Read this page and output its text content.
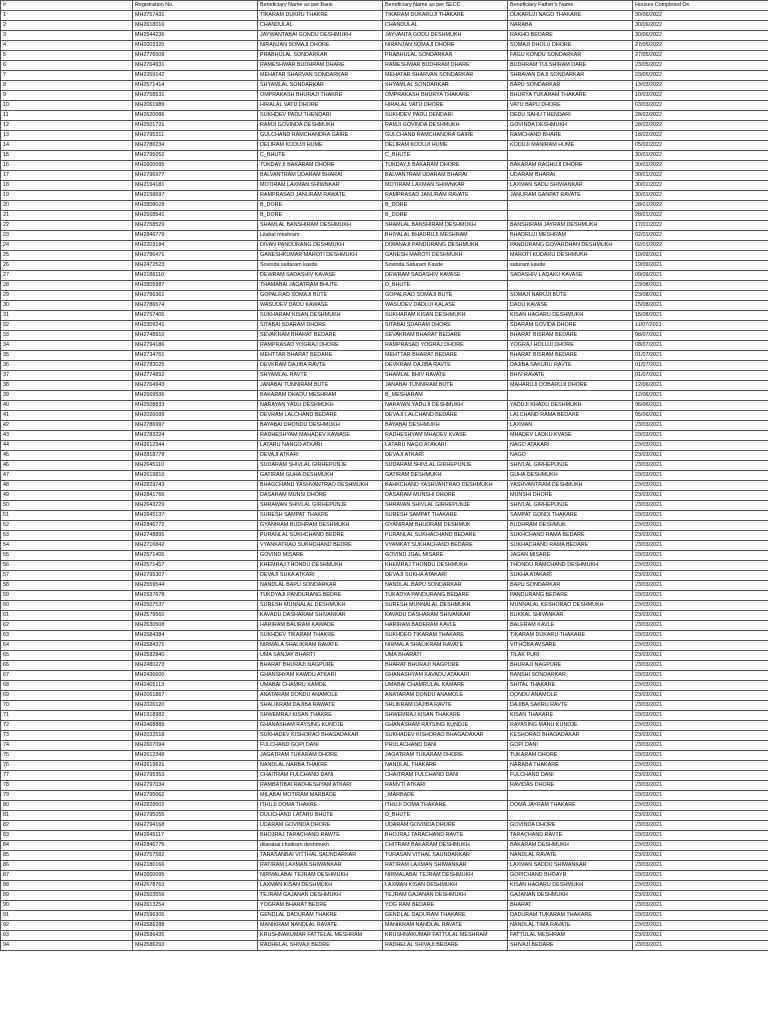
#	Registration No.	Beneficiary Name as per Bank	Beneficiary Name as per SECC	Beneficiary Father's Name	Houses Completed On
1	MH2757431	TIKARAM DUKRU THAKRE	TIKARAM DUKARUJI THAKARE	DUKARUJI NAGO THAKARE	30/06/2022
2	MH2618016	CHANDULAL	CHANDULAL	NARABA	30/06/2022
3	MH2544236	JAYWANTABAI GONDU DESHMUKH	JAYVANTA GODU DESHMUKH	RAKHO BEDARE	30/06/2022
4	MH2003320	NIRANJAN SOMAJI DHORE	NIRANJAN SOMAJI DHORE	SOMAJI DHOLU DHORE	27/05/2022
5	MH2776509	PRABHULAL SONDARKAR	PRABHULAL SONDARKAR	FAGU KONDU SONDARKAR	27/05/2022
6	MH2764931	RAMESHWAR BUDHRAM DHARE	RAMESHWAR BUDHRAM DHARE	BUDHRAM TULSHIRAM DARE	23/05/2022
7	MH2359142	MEHATAR SHARVAN SONDARKAR	MEHATAR SHARVAN SONDARKAR	SHRAVAN DAJI SONDARKAR	23/05/2022
8	MH2571414	SHYAMLAL SONDARKAR	SHYAMLAL SONDARKAR	BAPU SONDARKAR	13/03/2022
9	MH2758531	OMPRAKASH BHURAJI THAKRE	OMPRAKASH BHURYA THAKARE	BHURYA TUKARAM THAKARE	10/03/2022
10	MH2061989	HIRALAL VATU DHORE	HIRALAL VATU DHORE	VATU BAPU DHORE	03/03/2022
11	MH2620086	SUKHDEV PADU THENDARI	SUKHDEV PADU DENDARI	DEDU SAHU THENDARI	28/02/2022
12	MH2501721	RAMJI GOVINDA DESHMUKH	RAMJI GOVINDA DESHMUKH	GOVINDA DESHMUKH	28/02/2022
13	MH2795311	GULCHAND RAMCHANDRA GAIRE	GULCHAND RAMCHANDRA GAIRE	RAMCHAND BHARE	18/02/2022
14	MH2786234	DELIRAM KODUJI HUME	DELIRAM KODUJI HUME	KODUJI MANIRAM HUME	05/02/2022
15	MH2795052	C_BHUTE	C_BHUTE		30/01/2022
16	MH2600095	TUKDAYJI BAKARAM DHORE	TUKDAYJI BAKARAM DHORE	BAKARAM RAGHUJI DHORE	30/01/2022
17	MH2796977	BALVANTRAM UDARAM BHARAI	BALVANTRAM UDARAM BHARAI	UDARAM BHARAI	30/01/2022
18	MH2194181	MOTIRAM LAXMAN SHIWNKAR	MOTIRAM LAXMAN SHIWNKAR	LAXMAN SADU SHIWANKAR	30/01/2022
19	MH2158697	RAMPRASAD JANURAM RAWATE	RAMPRASAD JANURAM RAVATE	JANURAM GANPAT RAVATE	30/01/2022
20	MH2808028	B_DORE	B_DORE		28/01/2022
21	MH2568541	B_DORE	B_DORE		28/01/2022
22	MH2758529	SHAMLAL BANSHIRAM DESHMUKH	SHAMLAL BANSHIRAM DESHMUKH	BANSHIRAM JAYRAM DESHMUKH	17/01/2022
23	MH2846779	Lilabai meshram	BHIYALAL BHADRUJI MESHRAM	BHADRUJI MESHRAM	02/01/2022
24	MH2203184	DIVAN PANDURANG DESHMUKH	DIWANAJI PANDURANG DESHMUKH	PANDURANG GOVARDHAN DESHMUKH	02/01/2022
25	MH2786471	GANESHKUMAR MAROTI DESHMUKH	GANESH MAROTI DESHMUKH	MAROTI KUDARU DESHMUKH	19/09/2021
26	MH2472523	Sovinda saitaram kavde	Sovinda Saturam Kavde	saturam kavde	19/09/2021
27	MH2186110	DEWRAM SADASHIV KAVASE	DEWRAM SADASHIV KAVASE	SADASHIV LADAKU KAVASE	09/09/2021
28	MH2805987	THAMABAI JAGATRAM BHUTE	D_BHUTE		23/08/2021
29	MH2786361	GOPALRAO SOMAJI BUTE	GOPALRAO SOMAJI BUTE	SOMAJI NARUJI BUTE	23/08/2021
30	MH2786574	WASUDEV DADU KAWASE	WASUDEV DADUJI KALASE	DADU KAVASE	15/08/2021
31	MH2757405	SUKHARAM KISAN DESHMUKH	SUKHARAM KISAN DESHMUKH	KISAN HAGARU DESHMUKH	15/08/2021
32	MH2309241	SITABAI SDARAM DHORE	SITABAI SDARAM DHORE	SDARAM GOVIDA DHORE	11/07/2021
33	MH2748910	SEVAKRAM BHARAT BEDARE	SEVAKRAM BHARAT BEDARE	BHARAT BISRAM BEDARE	08/07/2021
34	MH2794186	RAMPRASAD YOGRAJ DHORE	RAMPRASAD YOGRAJ DHORE	YOGRAJ HOLUJI DHORE	08/07/2021
35	MH2734761	MEHTTAR BHARAT BEDARE	MEHTTAR BHARAT BEDARE	BHARAT BISRAM BEDARE	01/07/2021
36	MH2783025	DEVKRAM DAJIBA RAVTE	DEVKRAM DAJIBA RAVTE	DAJIBA SAKURU RAVTE	01/07/2021
37	MH2774892	SHYAMLAL RAVTE	SHAMLAL BHIV RAVATE	BHIV RAVATE	01/07/2021
38	MH2764943	JANABAI TUNNIRAM BUTE	JANABAI TUNNIRAM BUTE	MAHARUJI DOBARUJI DHORE	12/06/2021
39	MH2569536	BAKARAM DHADU MESHRAM	B_MESHARAM		12/06/2021
40	MH2508833	NARAYAN YADU DESHMUKH	NARAYAN YADUJI DESHMUKH	YADUJI KHADU DESHMUKH	06/06/2021
41	MH2026099	DEVRAM LALCHAND BEDARE	DEVAJI LALCHAND BEDARE	LALCHAND RAMA BEDARE	05/06/2021
42	MH2786997	BAYABAI DHONDU DESHMUKH	BAYABAI DESHMUKH	LAXMAN	23/03/2021
43	MH2783224	RADHESHYAM MAHADEV KAWASE	RADHESHYAM MHADEV KVASE	MHADEV LADKU KVASE	23/03/2021
44	MH2612344	LATARU NANGO ATKARI	LATARU NAGO ATAKARI	NAGO ATAKARI	23/03/2021
45	MH2818778	DEVAJI ATKARI	DEVAJI ATKARI	NAGO	23/03/2021
46	MH2645110	SUDARAM SHIVLAL GIRHEPUNJE	SUDARAM SHIVLAL GIRHEPUNJE	SHIVLAL GIRHEPUNJE	23/03/2021
47	MH2619810	GATIRAM GUHA DESHMUKH	GATIRAM DESHMUKH	GUHA DESHMUKH	23/03/2021
48	MH2829743	BHAGCHAND YASHVANTRAO DESHMUKH	BAHKCHAND YASHVANTRAO DESHMUKH	YASHVANTRAM DESHMUKH	23/03/2021
49	MH2841766	DASARAM MUNSI DHORE	DASARAM MUNSHI DHORE	MUNSHI DHORE	23/03/2021
50	MH2643729	SHRAWAN SHIVLAL GIRHEPUNJE	SHRAVAN SHIVLAL GIRHEPUNJE	SHIVLAL GIRHEPUNJE	23/03/2021
51	MH2645137	SURESH SAMPAT THAKRE	SURESH SAMPAT THAKARE	SAMPAT GONDI THAKARE	23/03/2021
52	MH2846772	GYANIRAM BUDHRAM DESHMUKH	GYANIRAM BHUDRAM DESHMUK	BUDHRAM DESHMUK	23/03/2021
53	MH2748895	PURANLAL SUKHCHAND BEDRE	PURANLAL SUKHACHAND BEDARE	SUKHCHAND RAMA BEDARE	23/03/2021
54	MH2716842	VYANKATRAO SUKHCHAND BEDRE	VYAMKAT SUKHACHAND BEDARE	SUKHACHAND RAMA BEDARE	23/03/2021
55	MH2571405	GOVIND MISARE	GOVIND JGAL MISARE	JAGAN MISARE	23/03/2021
56	MH2571457	KHEMRAJ THONDU DESHMUKH	KHEMRAJ THONDU DESHMUKH	THONDU RAMCHAND DESHMUKH	23/03/2021
57	MH2795307	DEVAJI SUKA ATKARI	DEVAJI SUKHA ATAKARI	SUKHA ATAKARI	23/03/2021
58	MH2559544	NANDLAL BAPU SONDARKAR	NANDLAL BAPU SONDARKAR	BAPU SONDARKAR	23/03/2021
59	MH2537678	TUKDYAJI PANDURANG BEDRE	TUKADYA PANDURANG BEDARE	PANDURANG BEDARE	23/03/2021
60	MH2507537	SURESH MUNNALAL DESHMUKH	SURESH MUNNALAL DESHMUKH	MUNNALAL KESHORAO DESHMUKH	23/03/2021
61	MH2579560	KAVADU DASHARAM SHIVANKAR	KAVADU DASHARAM SHIVANKAR	BUKKAL SHIVANKAR	23/03/2021
62	MH2630508	HARIRAM BALIRAM KAWADE	HARIRAM BADERAM KAVLE	BALERAM KAVLE	23/03/2021
63	MH2584384	SUKHDEV TIKARAM THAKRE	SUKHDEO TIKARAM THAKARE	TIKARAM DUKARU THAKARE	23/03/2021
64	MH2584371	NIRMALA SHALIKRAM RAVATE	NIRMALA SHALIKRAM RAVATE	VITHOBA AVSARE	23/03/2021
65	MH2582840	UMA SANJAY BHARTI	UMA BHARATI	TILAK PURI	23/03/2021
66	MH2480273	BHARAT BHURAJI NAGPURE	BHARAT BHURAJI NAGPURE	BHURAJI NAGPURE	23/03/2021
67	MH2436600	GHANSHYAM KAWDU ATKARI	GHANASHYAM KAVADU ATAKARI	BANSHI SONDARKAR	23/03/2021
68	MH2405113	UMABAI CHAMRU KAMDE	UMABAI CHAMRULAL KAMARE	SHITAL THAKARE	23/03/2021
69	MH2061867	ANATARAM DONDU ANAMOLE	ANATARAM DONDU ANAMOLE	DONDU ANAMOLE	23/03/2021
70	MH2026120	SHALIKRAM DAJIBA RAWATE	SHLIKRAM DAJIBA RAVTE	DAJIBA SAKRU RAVTE	23/03/2021
71	MH1918982	SHWEMRAJ KISAN THAKRE	SHWEMRAJ KISAN THAKARE	KISAN THAKARE	23/03/2021
72	MH2468889	GHANASHAM RAYSING KUNDJE	GHANASHAM RAYSING KUNDJE	RAYASING MANU KUNDJE	23/03/2021
73	MH2032518	SUKHADEV KISHORAO BHAGADAKAR	SUKHADEV KISHORAO BHAGADAKAR	KESHORAO BHAGADAKAR	23/03/2021
74	MH2607094	FULCHAND GOPI DANI	PHULACHAND DANI	GOPI DANI	23/03/2021
75	MH2612348	JAGATRAM TUKARAM DHORE	JAGATRAM TUKARAM DHORE	TUKARAM DHORE	23/03/2021
76	MH2619621	NANDLAL NARBA THAKRE	NANDLAL THAKARE	NARABA THAKARE	23/03/2021
77	MH2795353	CHAITRAM FULCHAND DANI	CHAITRAM FULCHAND DANI	FULCHAND DANI	23/03/2021
78	MH2797034	RAMBATIBAI RADHESHYAM ATKARI	RAMVTI ATKARI	RAVIDAS DHORE	23/03/2021
79	MH2795062	MILABAI MOTIRAM MARBADE	_MARBADE		23/03/2021
80	MH2828502	ITHUJI DOMA THAKRE	ITHUJI DOMA THAKARE	DOMA JAYRAM THAKARE	23/03/2021
81	MH2795055	DULICHAND LATARU BHUTE	D_BHUTE		23/03/2021
82	MH2794168	UDARAM GOVINDA DHORE	UDARAM GOVINDA DHORE	GOVINDA DHORE	23/03/2021
83	MH2645117	BHOJRAJ TARACHAND RAWTE	BHOJRAJ TARACHAND RAVTE	TARACHAND RAVTE	23/03/2021
84	MH2846776	dilarabai chaitram deshmukh	CHITRAM BAKARAM DESHMUKH	BAKARAM DESHMUKH	23/03/2021
85	MH2757582	TARASANBAI VITTHAL SAUNDARKAR	TURASAN VITHAL SAUNDARKAR	NANDLAL RAVATE	23/03/2021
86	MH2180166	RATIRAM LAXMAN SHIWANKAR	RATIRAM LAXMAN SHIWANKAR	LAXMAN SADDU SHIWANKAR	23/03/2021
87	MH2600095	NIRMALABAI TEJRAM DESHMUKH	NIRMALABAI TEJRAM DESHMUKH	GOPICHAND BHOAYR	23/03/2021
88	MH2678763	LAXMAN KISAN DESHMUKH	LAXMAN KISAN DESHMUKH	KISAN HAGARU DESHMUKH	23/03/2021
89	MH2503556	TEJRAM GAJANAN DESHMUKH	TEJRAM GAJANAN DESHMUKH	GAJANAN DESHMUKH	23/03/2021
90	MH2613254	YOGRAM BHARAT BEDRE	YOG RAM BEDARE	BHARAT	23/03/2021
91	MH2596305	GENDLAL DADURAM THAKRE	GENDLAL DADURAM THAKARE	DADURAM TUKARAM THAKARE	23/03/2021
92	MH2586288	MANIKRAM NANDLAL RAVATE	MANIKRAM NANDLAL RAVATE	NANDLAL TIMA RAVATE	23/03/2021
93	MH2586435	KRUSHNAKUMAR FATTELAL MESHRAM	KRUSHNAKUMAR FATTULAL MESHRAM	FATTULAL MESHRAM	23/03/2021
94	MH2586293	RADHELAL SHIVAJI BEDRE	RADHELAL SHIVAJI BEDARE	SHIVAJI BEDARE	23/03/2021
